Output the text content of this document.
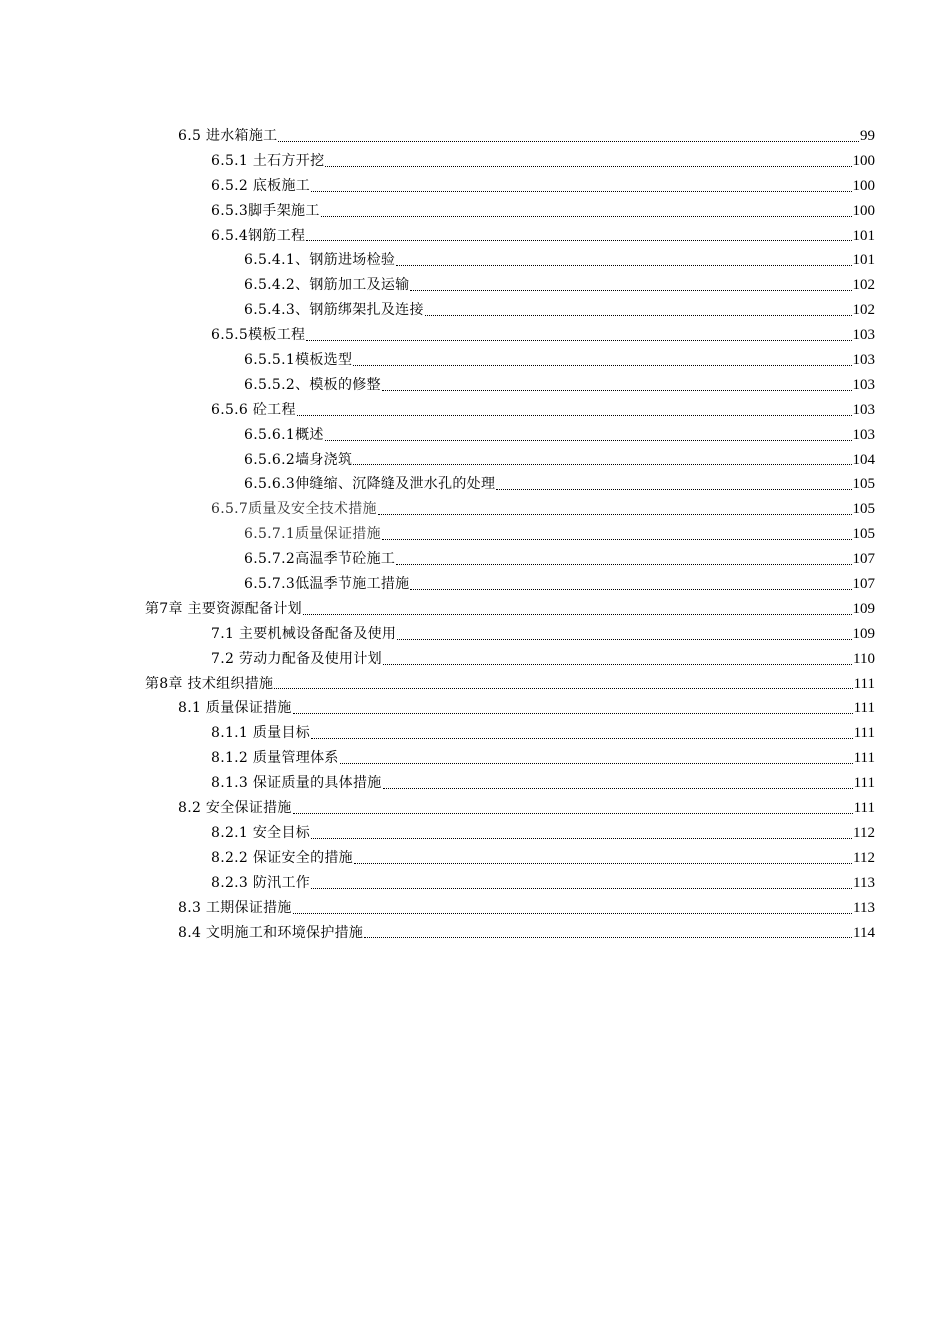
6.5 进水箱施工	99
6.5.1 土石方开挖	100
6.5.2 底板施工	100
6.5.3脚手架施工	100
6.5.4钢筋工程	101
6.5.4.1、钢筋进场检验	101
6.5.4.2、钢筋加工及运输	102
6.5.4.3、钢筋绑架扎及连接	102
6.5.5模板工程	103
6.5.5.1模板选型	103
6.5.5.2、模板的修整	103
6.5.6 砼工程	103
6.5.6.1概述	103
6.5.6.2墙身浇筑	104
6.5.6.3伸缝缩、沉降缝及泄水孔的处理	105
6.5.7质量及安全技术措施	105
6.5.7.1质量保证措施	105
6.5.7.2高温季节砼施工	107
6.5.7.3低温季节施工措施	107
第7章 主要资源配备计划	109
7.1 主要机械设备配备及使用	109
7.2 劳动力配备及使用计划	110
第8章 技术组织措施	111
8.1 质量保证措施	111
8.1.1 质量目标	111
8.1.2 质量管理体系	111
8.1.3 保证质量的具体措施	111
8.2 安全保证措施	111
8.2.1 安全目标	112
8.2.2 保证安全的措施	112
8.2.3 防汛工作	113
8.3 工期保证措施	113
8.4 文明施工和环境保护措施	114
